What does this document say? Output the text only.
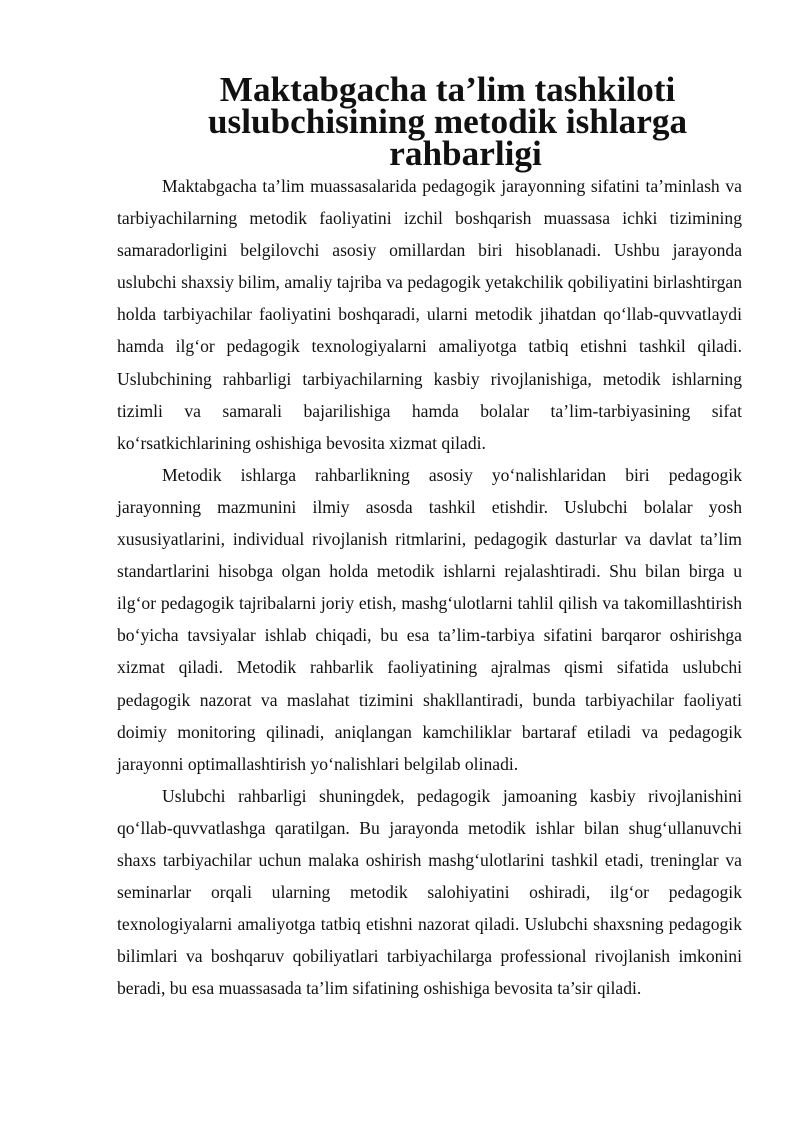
Maktabgacha ta’lim tashkiloti uslubchisining metodik ishlarga
rahbarligi

Maktabgacha ta’lim muassasalarida pedagogik jarayonning sifatini ta’minlash va tarbiyachilarning metodik faoliyatini izchil boshqarish muassasa ichki tizimining samaradorligini belgilovchi asosiy omillardan biri hisoblanadi. Ushbu jarayonda uslubchi shaxsiy bilim, amaliy tajriba va pedagogik yetakchilik qobiliyatini birlashtirgan holda tarbiyachilar faoliyatini boshqaradi, ularni metodik jihatdan qo‘llab-quvvatlaydi hamda ilg‘or pedagogik texnologiyalarni amaliyotga tatbiq etishni tashkil qiladi. Uslubchining rahbarligi tarbiyachilarning kasbiy rivojlanishiga, metodik ishlarning tizimli va samarali bajarilishiga hamda bolalar ta’lim-tarbiyasining sifat ko‘rsatkichlarining oshishiga bevosita xizmat qiladi.

Metodik ishlarga rahbarlikning asosiy yo‘nalishlaridan biri pedagogik jarayonning mazmunini ilmiy asosda tashkil etishdir. Uslubchi bolalar yosh xususiyatlarini, individual rivojlanish ritmlarini, pedagogik dasturlar va davlat ta’lim standartlarini hisobga olgan holda metodik ishlarni rejalashtiradi. Shu bilan birga u ilg‘or pedagogik tajribalarni joriy etish, mashg‘ulotlarni tahlil qilish va takomillashtirish bo‘yicha tavsiyalar ishlab chiqadi, bu esa ta’lim-tarbiya sifatini barqaror oshirishga xizmat qiladi. Metodik rahbarlik faoliyatining ajralmas qismi sifatida uslubchi pedagogik nazorat va maslahat tizimini shakllantiradi, bunda tarbiyachilar faoliyati doimiy monitoring qilinadi, aniqlangan kamchiliklar bartaraf etiladi va pedagogik jarayonni optimallashtirish yo‘nalishlari belgilab olinadi.

Uslubchi rahbarligi shuningdek, pedagogik jamoaning kasbiy rivojlanishini qo‘llab-quvvatlashga qaratilgan. Bu jarayonda metodik ishlar bilan shug‘ullanuvchi shaxs tarbiyachilar uchun malaka oshirish mashg‘ulotlarini tashkil etadi, treninglar va seminarlar orqali ularning metodik salohiyatini oshiradi, ilg‘or pedagogik texnologiyalarni amaliyotga tatbiq etishni nazorat qiladi. Uslubchi shaxsning pedagogik bilimlari va boshqaruv qobiliyatlari tarbiyachilarga professional rivojlanish imkonini beradi, bu esa muassasada ta’lim sifatining oshishiga bevosita ta’sir qiladi.
